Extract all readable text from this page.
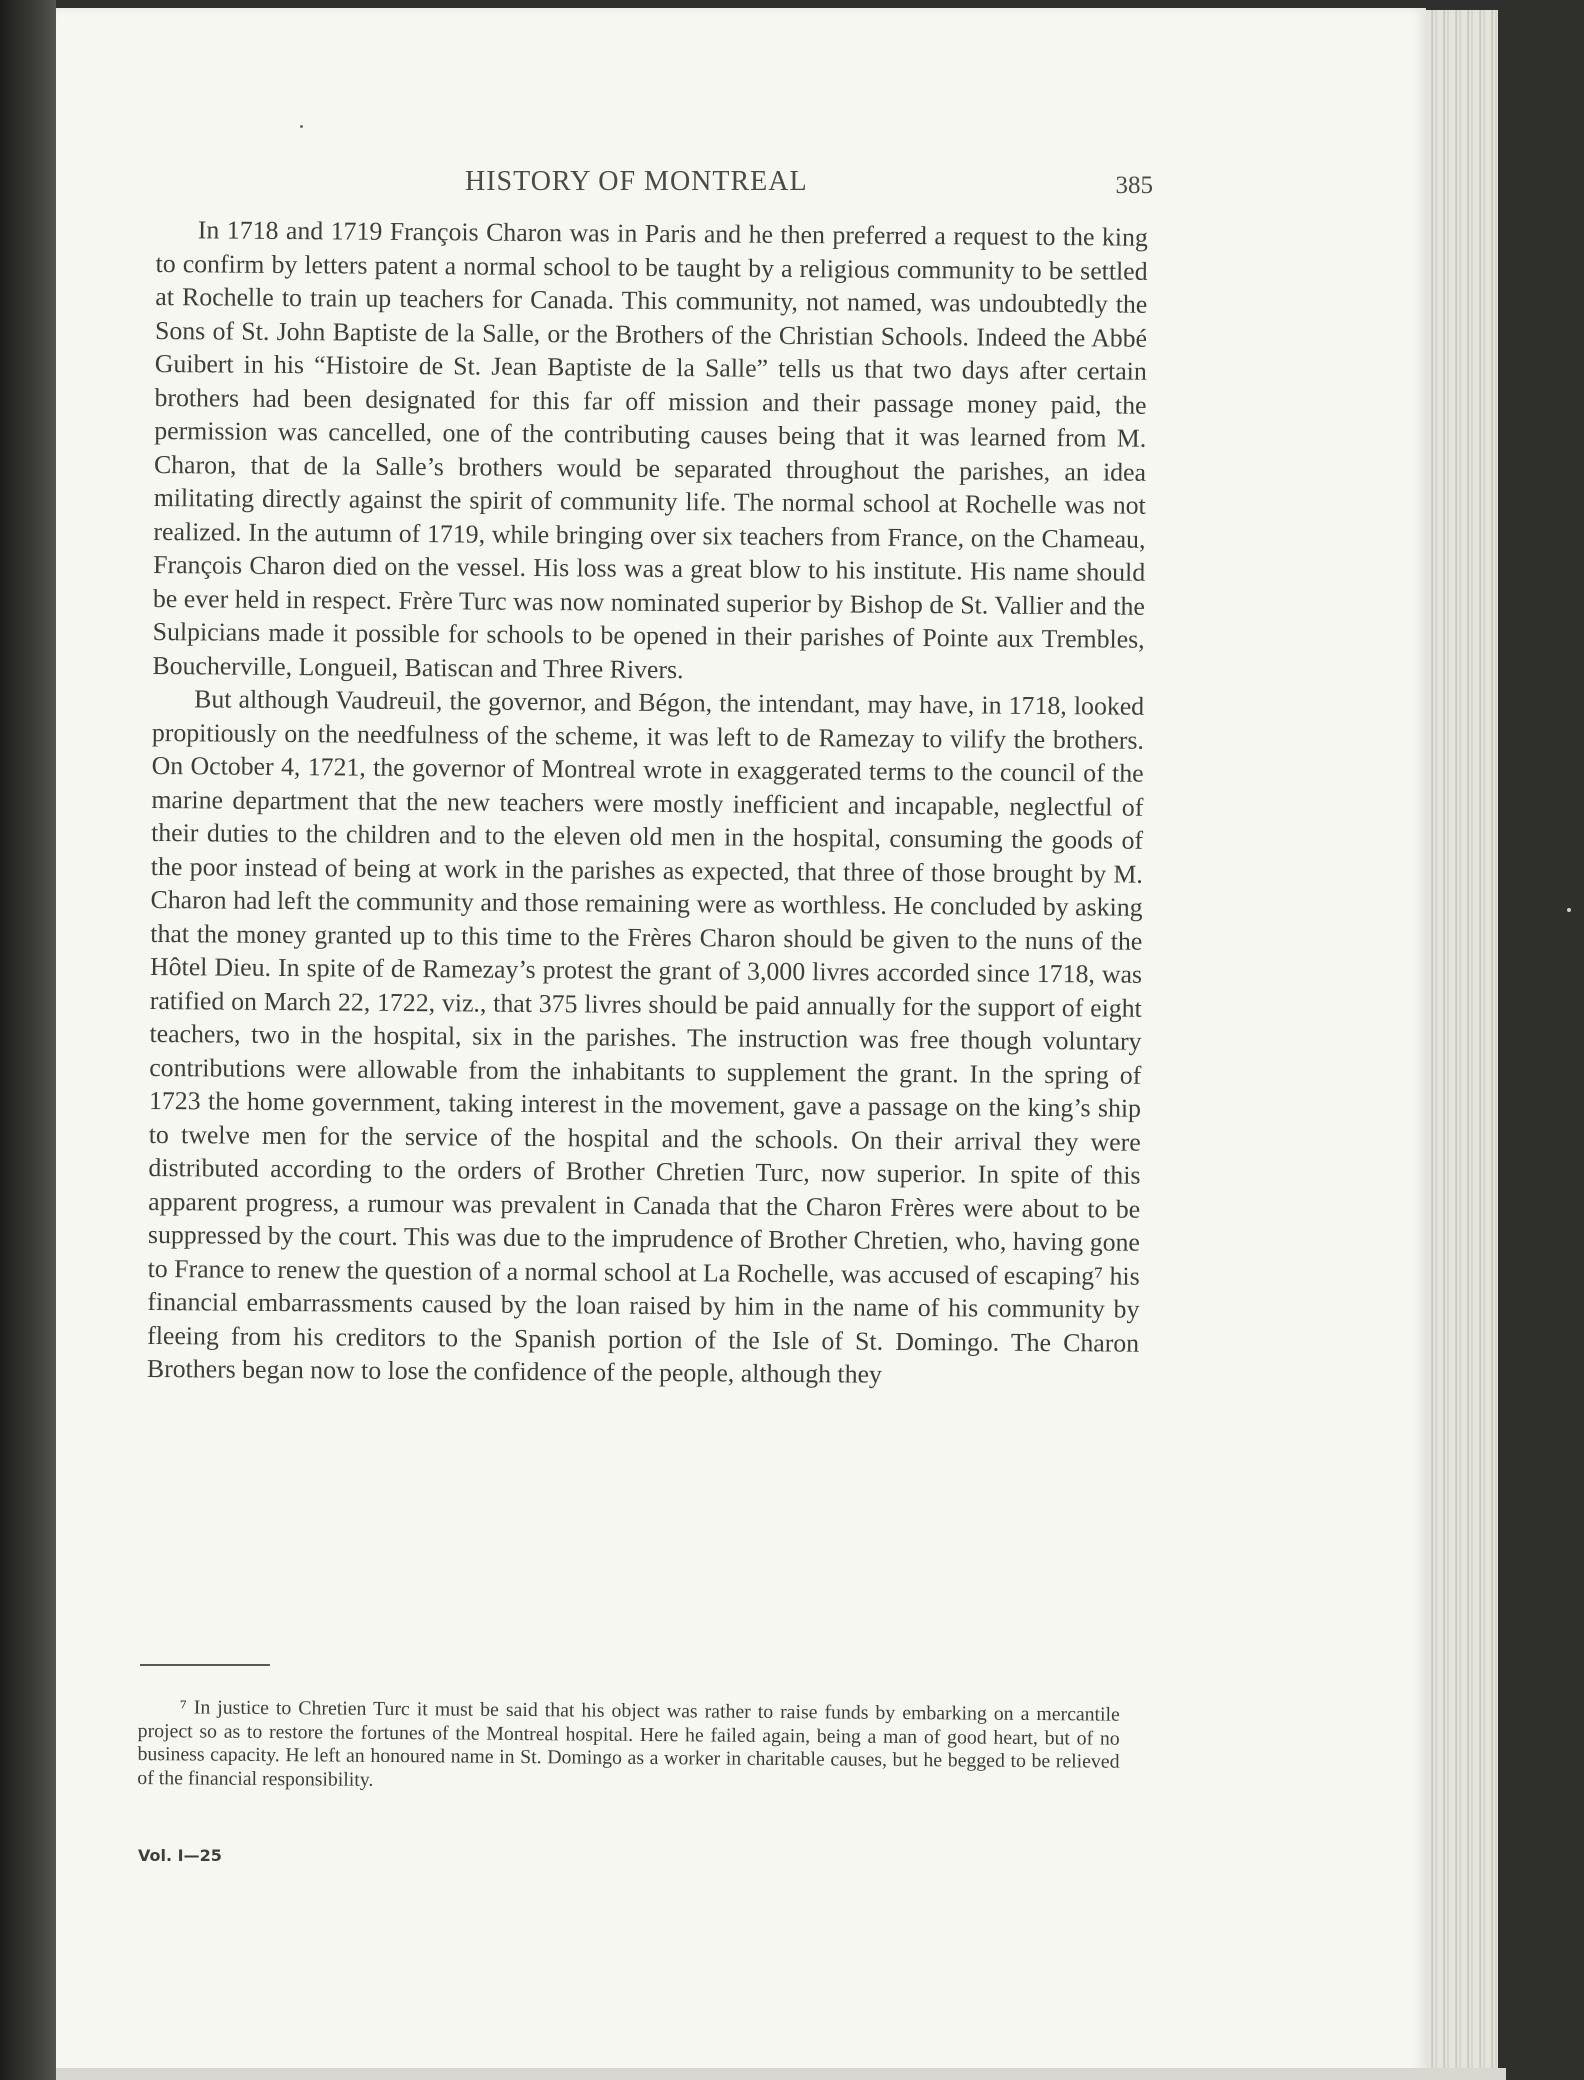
HISTORY OF MONTREAL	385

In 1718 and 1719 François Charon was in Paris and he then preferred a request to the king to confirm by letters patent a normal school to be taught by a religious community to be settled at Rochelle to train up teachers for Canada. This community, not named, was undoubtedly the Sons of St. John Baptiste de la Salle, or the Brothers of the Christian Schools. Indeed the Abbé Guibert in his “Histoire de St. Jean Baptiste de la Salle” tells us that two days after certain brothers had been designated for this far off mission and their passage money paid, the permission was cancelled, one of the contributing causes being that it was learned from M. Charon, that de la Salle’s brothers would be separated throughout the parishes, an idea militating directly against the spirit of community life. The normal school at Rochelle was not realized. In the autumn of 1719, while bringing over six teachers from France, on the Chameau, François Charon died on the vessel. His loss was a great blow to his institute. His name should be ever held in respect. Frère Turc was now nominated superior by Bishop de St. Vallier and the Sulpicians made it possible for schools to be opened in their parishes of Pointe aux Trembles, Boucherville, Longueil, Batiscan and Three Rivers.

But although Vaudreuil, the governor, and Bégon, the intendant, may have, in 1718, looked propitiously on the needfulness of the scheme, it was left to de Ramezay to vilify the brothers. On October 4, 1721, the governor of Montreal wrote in exaggerated terms to the council of the marine department that the new teachers were mostly inefficient and incapable, neglectful of their duties to the children and to the eleven old men in the hospital, consuming the goods of the poor instead of being at work in the parishes as expected, that three of those brought by M. Charon had left the community and those remaining were as worthless. He concluded by asking that the money granted up to this time to the Frères Charon should be given to the nuns of the Hôtel Dieu. In spite of de Ramezay’s protest the grant of 3,000 livres accorded since 1718, was ratified on March 22, 1722, viz., that 375 livres should be paid annually for the support of eight teachers, two in the hospital, six in the parishes. The instruction was free though voluntary contributions were allowable from the inhabitants to supplement the grant. In the spring of 1723 the home government, taking interest in the movement, gave a passage on the king’s ship to twelve men for the service of the hospital and the schools. On their arrival they were distributed according to the orders of Brother Chretien Turc, now superior. In spite of this apparent progress, a rumour was prevalent in Canada that the Charon Frères were about to be suppressed by the court. This was due to the imprudence of Brother Chretien, who, having gone to France to renew the question of a normal school at La Rochelle, was accused of escaping⁷ his financial embarrassments caused by the loan raised by him in the name of his community by fleeing from his creditors to the Spanish portion of the Isle of St. Domingo. The Charon Brothers began now to lose the confidence of the people, although they

⁷ In justice to Chretien Turc it must be said that his object was rather to raise funds by embarking on a mercantile project so as to restore the fortunes of the Montreal hospital. Here he failed again, being a man of good heart, but of no business capacity. He left an honoured name in St. Domingo as a worker in charitable causes, but he begged to be relieved of the financial responsibility.

Vol. I—25
